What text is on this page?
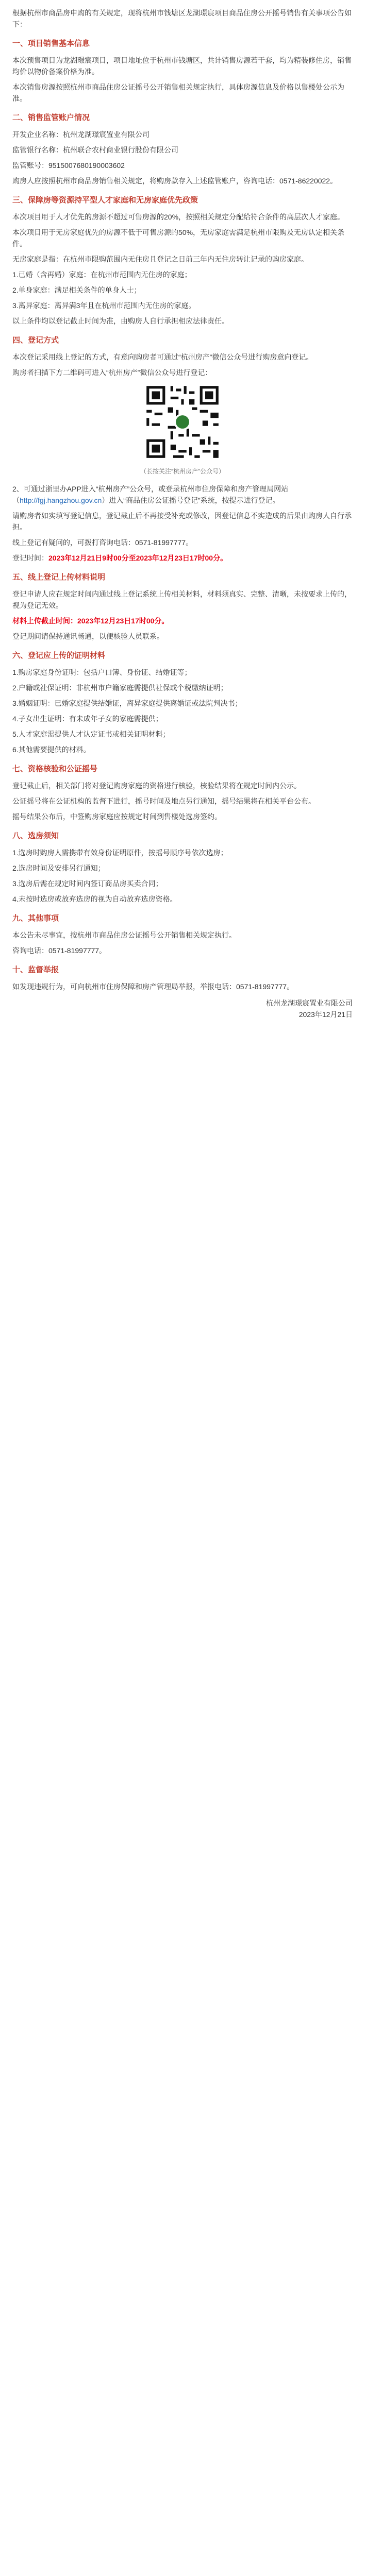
根据杭州市商品房申购的有关规定，现将杭州市钱塘区龙湖璟宸项目商品住房公开摇号销售有关事项公告如下：

一、项目销售基本信息

本次预售项目为龙湖璟宸项目，项目地址位于杭州市钱塘区，共计销售房源若干套，均为精装修住房，销售均价以物价备案价格为准。

本次销售房源按照杭州市商品住房公证摇号公开销售相关规定执行，具体房源信息及价格以售楼处公示为准。

二、销售监管账户情况

开发企业名称：杭州龙湖璟宸置业有限公司

监管银行名称：杭州联合农村商业银行股份有限公司

监管账号：9515007680190003602

购房人应按照杭州市商品房销售相关规定，将购房款存入上述监管账户，咨询电话：0571-86220022。

三、保障房等资源持平型人才家庭和无房家庭优先政策

本次项目用于人才优先的房源不超过可售房源的20%，按照相关规定分配给符合条件的高层次人才家庭。

本次项目用于无房家庭优先的房源不低于可售房源的50%，无房家庭需满足杭州市限购及无房认定相关条件。

无房家庭是指：在杭州市限购范围内无住房且登记之日前三年内无住房转让记录的购房家庭。

1.已婚（含再婚）家庭：在杭州市范围内无住房的家庭；

2.单身家庭：满足相关条件的单身人士；

3.离异家庭：离异满3年且在杭州市范围内无住房的家庭。

以上条件均以登记截止时间为准，由购房人自行承担相应法律责任。

四、登记方式

本次登记采用线上登记的方式，有意向购房者可通过“杭州房产”微信公众号进行购房意向登记。

购房者扫描下方二维码可进入“杭州房产”微信公众号进行登记：

（长按关注“杭州房产”公众号）

2、可通过浙里办APP进入“杭州房产”公众号，或登录杭州市住房保障和房产管理局网站（http://fgj.hangzhou.gov.cn）进入“商品住房公证摇号登记”系统，按提示进行登记。

请购房者如实填写登记信息，登记截止后不再接受补充或修改，因登记信息不实造成的后果由购房人自行承担。

线上登记有疑问的，可拨打咨询电话：0571-81997777。

登记时间：2023年12月21日9时00分至2023年12月23日17时00分。

五、线上登记上传材料说明

登记申请人应在规定时间内通过线上登记系统上传相关材料，材料须真实、完整、清晰，未按要求上传的，视为登记无效。

材料上传截止时间：2023年12月23日17时00分。

登记期间请保持通讯畅通，以便核验人员联系。

六、登记应上传的证明材料

1.购房家庭身份证明：包括户口簿、身份证、结婚证等；

2.户籍或社保证明：非杭州市户籍家庭需提供社保或个税缴纳证明；

3.婚姻证明：已婚家庭提供结婚证，离异家庭提供离婚证或法院判决书；

4.子女出生证明：有未成年子女的家庭需提供；

5.人才家庭需提供人才认定证书或相关证明材料；

6.其他需要提供的材料。

七、资格核验和公证摇号

登记截止后，相关部门将对登记购房家庭的资格进行核验，核验结果将在规定时间内公示。

公证摇号将在公证机构的监督下进行，摇号时间及地点另行通知，摇号结果将在相关平台公布。

摇号结果公布后，中签购房家庭应按规定时间到售楼处选房签约。

八、选房须知

1.选房时购房人需携带有效身份证明原件，按摇号顺序号依次选房；

2.选房时间及安排另行通知；

3.选房后需在规定时间内签订商品房买卖合同；

4.未按时选房或放弃选房的视为自动放弃选房资格。

九、其他事项

本公告未尽事宜，按杭州市商品住房公证摇号公开销售相关规定执行。

咨询电话：0571-81997777。

十、监督举报

如发现违规行为，可向杭州市住房保障和房产管理局举报，举报电话：0571-81997777。

杭州龙湖璟宸置业有限公司
2023年12月21日
